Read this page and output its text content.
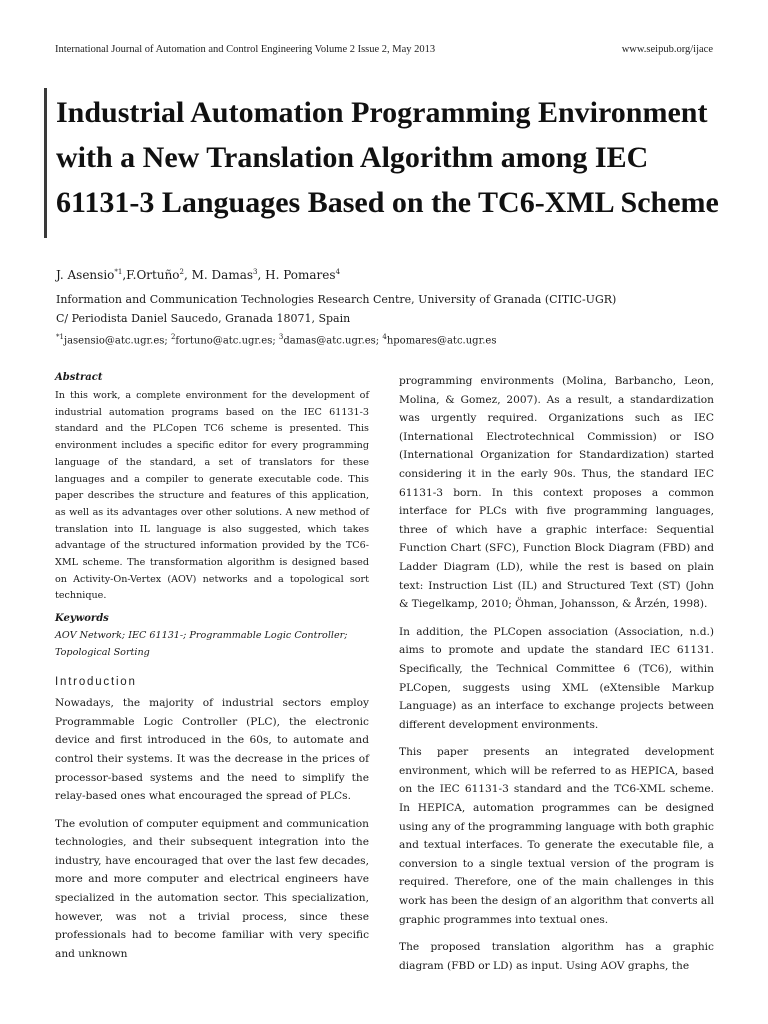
International Journal of Automation and Control Engineering Volume 2 Issue 2, May 2013	www.seipub.org/ijace
Industrial Automation Programming Environment with a New Translation Algorithm among IEC 61131-3 Languages Based on the TC6-XML Scheme
J. Asensio$^{*1}$,F.Ortuño$^2$, M. Damas$^3$, H. Pomares$^4$
Information and Communication Technologies Research Centre, University of Granada (CITIC-UGR)
C/ Periodista Daniel Saucedo, Granada 18071, Spain
$^{*1}$jasensio@atc.ugr.es; $^2$fortuno@atc.ugr.es; $^3$damas@atc.ugr.es; $^4$hpomares@atc.ugr.es

Abstract

In this work, a complete environment for the development of industrial automation programs based on the IEC 61131-3 standard and the PLCopen TC6 scheme is presented. This environment includes a specific editor for every programming language of the standard, a set of translators for these languages and a compiler to generate executable code. This paper describes the structure and features of this application, as well as its advantages over other solutions. A new method of translation into IL language is also suggested, which takes advantage of the structured information provided by the TC6-XML scheme. The transformation algorithm is designed based on Activity-On-Vertex (AOV) networks and a topological sort technique.

Keywords

AOV Network; IEC 61131-; Programmable Logic Controller; Topological Sorting

Introduction

Nowadays, the majority of industrial sectors employ Programmable Logic Controller (PLC), the electronic device and first introduced in the 60s, to automate and control their systems. It was the decrease in the prices of processor-based systems and the need to simplify the relay-based ones what encouraged the spread of PLCs.

The evolution of computer equipment and communication technologies, and their subsequent integration into the industry, have encouraged that over the last few decades, more and more computer and electrical engineers have specialized in the automation sector. This specialization, however, was not a trivial process, since these professionals had to become familiar with very specific and unknown

programming environments (Molina, Barbancho, Leon, Molina, & Gomez, 2007). As a result, a standardization was urgently required. Organizations such as IEC (International Electrotechnical Commission) or ISO (International Organization for Standardization) started considering it in the early 90s. Thus, the standard IEC 61131-3 born. In this context proposes a common interface for PLCs with five programming languages, three of which have a graphic interface: Sequential Function Chart (SFC), Function Block Diagram (FBD) and Ladder Diagram (LD), while the rest is based on plain text: Instruction List (IL) and Structured Text (ST) (John & Tiegelkamp, 2010; Öhman, Johansson, & Årzén, 1998).

In addition, the PLCopen association (Association, n.d.) aims to promote and update the standard IEC 61131. Specifically, the Technical Committee 6 (TC6), within PLCopen, suggests using XML (eXtensible Markup Language) as an interface to exchange projects between different development environments.

This paper presents an integrated development environment, which will be referred to as HEPICA, based on the IEC 61131-3 standard and the TC6-XML scheme. In HEPICA, automation programmes can be designed using any of the programming language with both graphic and textual interfaces. To generate the executable file, a conversion to a single textual version of the program is required. Therefore, one of the main challenges in this work has been the design of an algorithm that converts all graphic programmes into textual ones.

The proposed translation algorithm has a graphic diagram (FBD or LD) as input. Using AOV graphs, the
